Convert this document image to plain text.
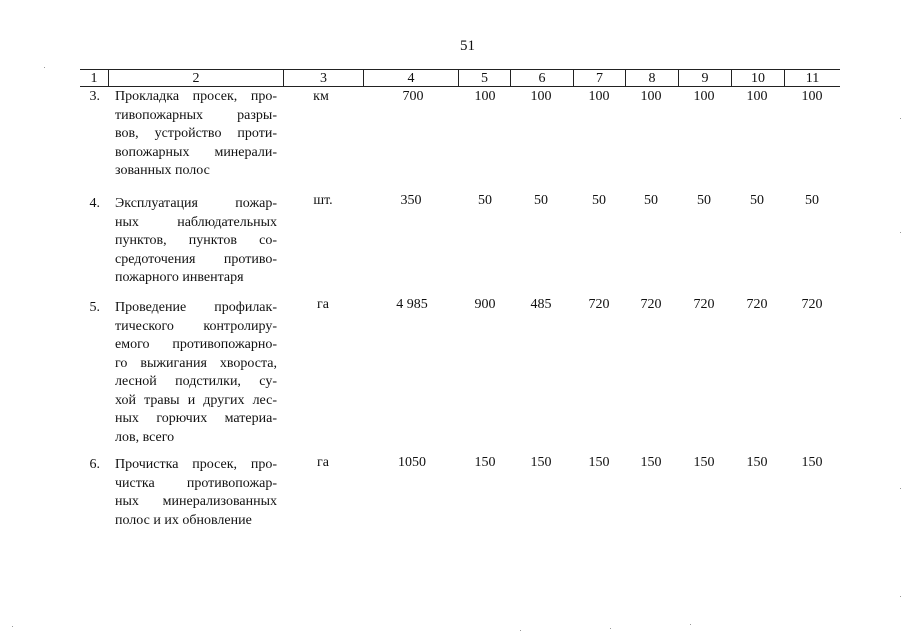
51
1	2	3	4	5	6	7	8	9	10	11
3. Прокладка просек, про-
тивопожарных разры-
вов, устройство проти-
вопожарных минерали-
зованных полос
км	700	100	100	100	100	100	100	100
4. Эксплуатация пожар-
ных наблюдательных
пунктов, пунктов со-
средоточения противо-
пожарного инвентаря
шт.	350	50	50	50	50	50	50	50
5. Проведение профилак-
тического контролиру-
емого противопожарно-
го выжигания хвороста,
лесной подстилки, су-
хой травы и других лес-
ных горючих материа-
лов, всего
га	4 985	900	485	720	720	720	720	720
6. Прочистка просек, про-
чистка противопожар-
ных минерализованных
полос и их обновление
га	1050	150	150	150	150	150	150	150
